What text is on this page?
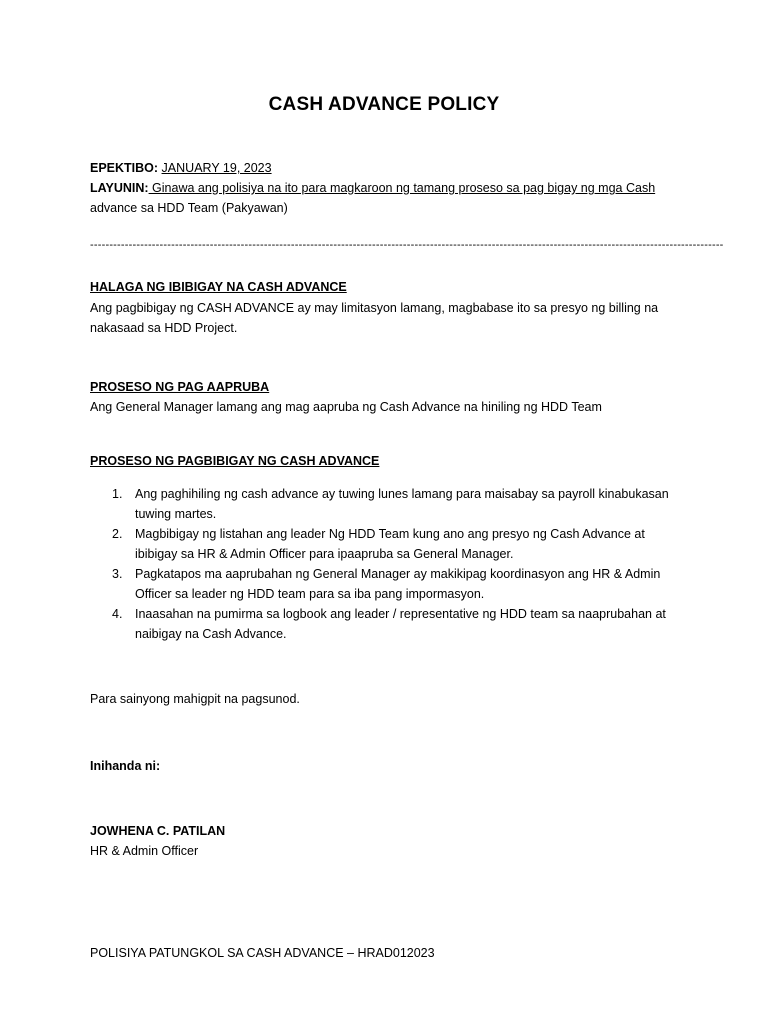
CASH ADVANCE POLICY
EPEKTIBO: JANUARY 19, 2023
LAYUNIN: Ginawa ang polisiya na ito para magkaroon ng tamang proseso sa pag bigay ng mga Cash
advance sa HDD Team (Pakyawan)
--------------------------------------------------------------------------------------------------------------------------------------------------------------------
HALAGA NG IBIBIGAY NA CASH ADVANCE
Ang pagbibigay ng CASH ADVANCE ay may limitasyon lamang, magbabase ito sa presyo ng billing na
nakasaad sa HDD Project.
PROSESO NG PAG AAPRUBA
Ang General Manager lamang ang mag aapruba ng Cash Advance na hiniling ng HDD Team
PROSESO NG PAGBIBIGAY NG CASH ADVANCE
1. Ang paghihiling ng cash advance ay tuwing lunes lamang para maisabay sa payroll kinabukasan
tuwing martes.
2. Magbibigay ng listahan ang leader Ng HDD Team kung ano ang presyo ng Cash Advance at
ibibigay sa HR & Admin Officer para ipaapruba sa General Manager.
3. Pagkatapos ma aaprubahan ng General Manager ay makikipag koordinasyon ang HR & Admin
Officer sa leader ng HDD team para sa iba pang impormasyon.
4. Inaasahan na pumirma sa logbook ang leader / representative ng HDD team sa naaprubahan at
naibigay na Cash Advance.
Para sainyong mahigpit na pagsunod.
Inihanda ni:
JOWHENA C. PATILAN
HR & Admin Officer
POLISIYA PATUNGKOL SA CASH ADVANCE – HRAD012023
